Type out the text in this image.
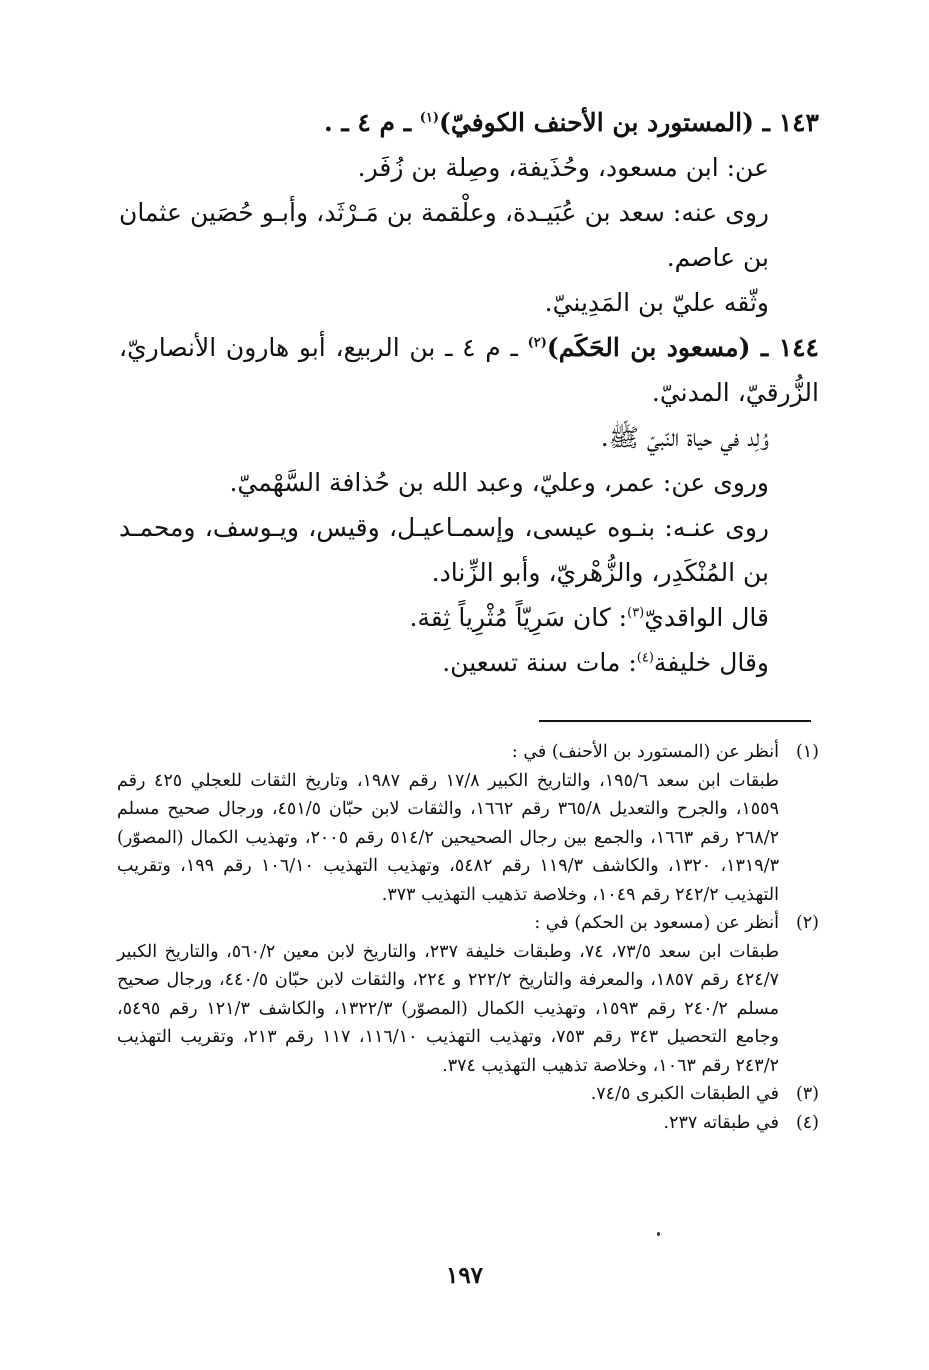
١٤٣ ـ (المستورد بن الأحنف الكوفيّ)$^{(١)}$ ـ م ٤ ـ .

عن: ابن مسعود، وحُذَيفة، وصِلة بن زُفَر.

روى عنه: سعد بن عُبَيـدة، وعلْقمة بن مَـرْثَد، وأبـو حُصَين عثمان بن عاصم.

وثّقه عليّ بن المَدِينيّ.

١٤٤ ـ (مسعود بن الحَكَم)$^{(٢)}$ ـ م ٤ ـ بن الربيع، أبو هارون الأنصاريّ، الزُّرقيّ، المدنيّ.

وُلِد في حياة النّبيّ ﷺ.

وروى عن: عمر، وعليّ، وعبد الله بن حُذافة السَّهْميّ.

روى عنـه: بنـوه عيسى، وإسمـاعيـل، وقيس، ويـوسف، ومحمـد بن المُنْكَدِر، والزُّهْريّ، وأبو الزِّناد.

قال الواقديّ$^{(٣)}$: كان سَرِيّاً مُثْرِياً ثِقة.

وقال خليفة$^{(٤)}$: مات سنة تسعين.

(١)
أنظر عن (المستورد بن الأحنف) في :
طبقات ابن سعد ١٩٥/٦، والتاريخ الكبير ١٧/٨ رقم ١٩٨٧، وتاريخ الثقات للعجلي ٤٢٥ رقم ١٥٥٩، والجرح والتعديل ٣٦٥/٨ رقم ١٦٦٢، والثقات لابن حبّان ٤٥١/٥، ورجال صحيح مسلم ٢٦٨/٢ رقم ١٦٦٣، والجمع بين رجال الصحيحين ٥١٤/٢ رقم ٢٠٠٥، وتهذيب الكمال (المصوّر) ١٣١٩/٣، ١٣٢٠، والكاشف ١١٩/٣ رقم ٥٤٨٢، وتهذيب التهذيب ١٠٦/١٠ رقم ١٩٩، وتقريب التهذيب ٢٤٢/٢ رقم ١٠٤٩، وخلاصة تذهيب التهذيب ٣٧٣.
(٢)
أنظر عن (مسعود بن الحكم) في :
طبقات ابن سعد ٧٣/٥، ٧٤، وطبقات خليفة ٢٣٧، والتاريخ لابن معين ٥٦٠/٢، والتاريخ الكبير ٤٢٤/٧ رقم ١٨٥٧، والمعرفة والتاريخ ٢٢٢/٢ و ٢٢٤، والثقات لابن حبّان ٤٤٠/٥، ورجال صحيح مسلم ٢٤٠/٢ رقم ١٥٩٣، وتهذيب الكمال (المصوّر) ١٣٢٢/٣، والكاشف ١٢١/٣ رقم ٥٤٩٥، وجامع التحصيل ٣٤٣ رقم ٧٥٣، وتهذيب التهذيب ١١٦/١٠، ١١٧ رقم ٢١٣، وتقريب التهذيب ٢٤٣/٢ رقم ١٠٦٣، وخلاصة تذهيب التهذيب ٣٧٤.
(٣)
في الطبقات الكبرى ٧٤/٥.
(٤)
في طبقاته ٢٣٧.
١٩٧
